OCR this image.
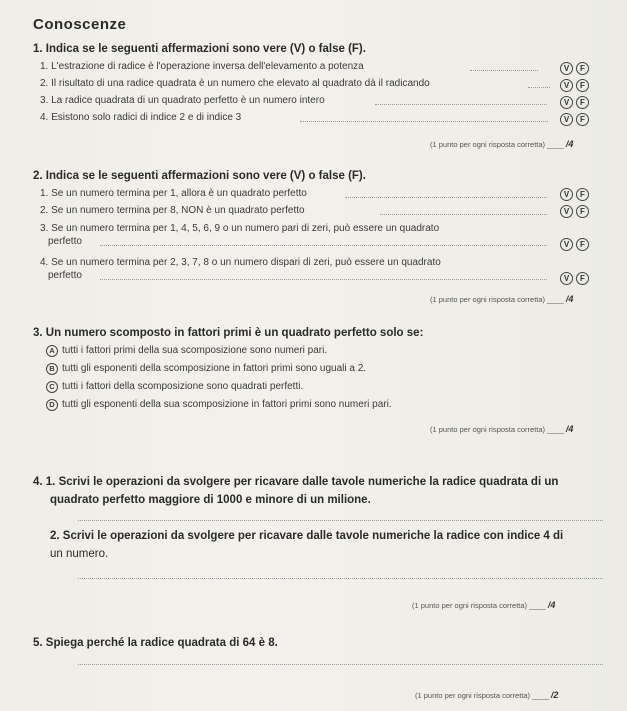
Conoscenze
1. Indica se le seguenti affermazioni sono vere (V) o false (F).
1. L'estrazione di radice è l'operazione inversa dell'elevamento a potenza	V F
2. Il risultato di una radice quadrata è un numero che elevato al quadrato dà il radicando	V F
3. La radice quadrata di un quadrato perfetto è un numero intero	V F
4. Esistono solo radici di indice 2 e di indice 3	V F
(1 punto per ogni risposta corretta) ____ /4
2. Indica se le seguenti affermazioni sono vere (V) o false (F).
1. Se un numero termina per 1, allora è un quadrato perfetto	V F
2. Se un numero termina per 8, NON è un quadrato perfetto	V F
3. Se un numero termina per 1, 4, 5, 6, 9 o un numero pari di zeri, può essere un quadrato
perfetto	V F
4. Se un numero termina per 2, 3, 7, 8 o un numero dispari di zeri, può essere un quadrato
perfetto	V F
(1 punto per ogni risposta corretta) ____ /4
3. Un numero scomposto in fattori primi è un quadrato perfetto solo se:
A tutti i fattori primi della sua scomposizione sono numeri pari.
B tutti gli esponenti della scomposizione in fattori primi sono uguali a 2.
C tutti i fattori della scomposizione sono quadrati perfetti.
D tutti gli esponenti della sua scomposizione in fattori primi sono numeri pari.
(1 punto per ogni risposta corretta) ____ /4
4. 1. Scrivi le operazioni da svolgere per ricavare dalle tavole numeriche la radice quadrata di un
quadrato perfetto maggiore di 1000 e minore di un milione.
2. Scrivi le operazioni da svolgere per ricavare dalle tavole numeriche la radice con indice 4 di
un numero.
(1 punto per ogni risposta corretta) ____ /4
5. Spiega perché la radice quadrata di 64 è 8.
(1 punto per ogni risposta corretta) ____ /2
